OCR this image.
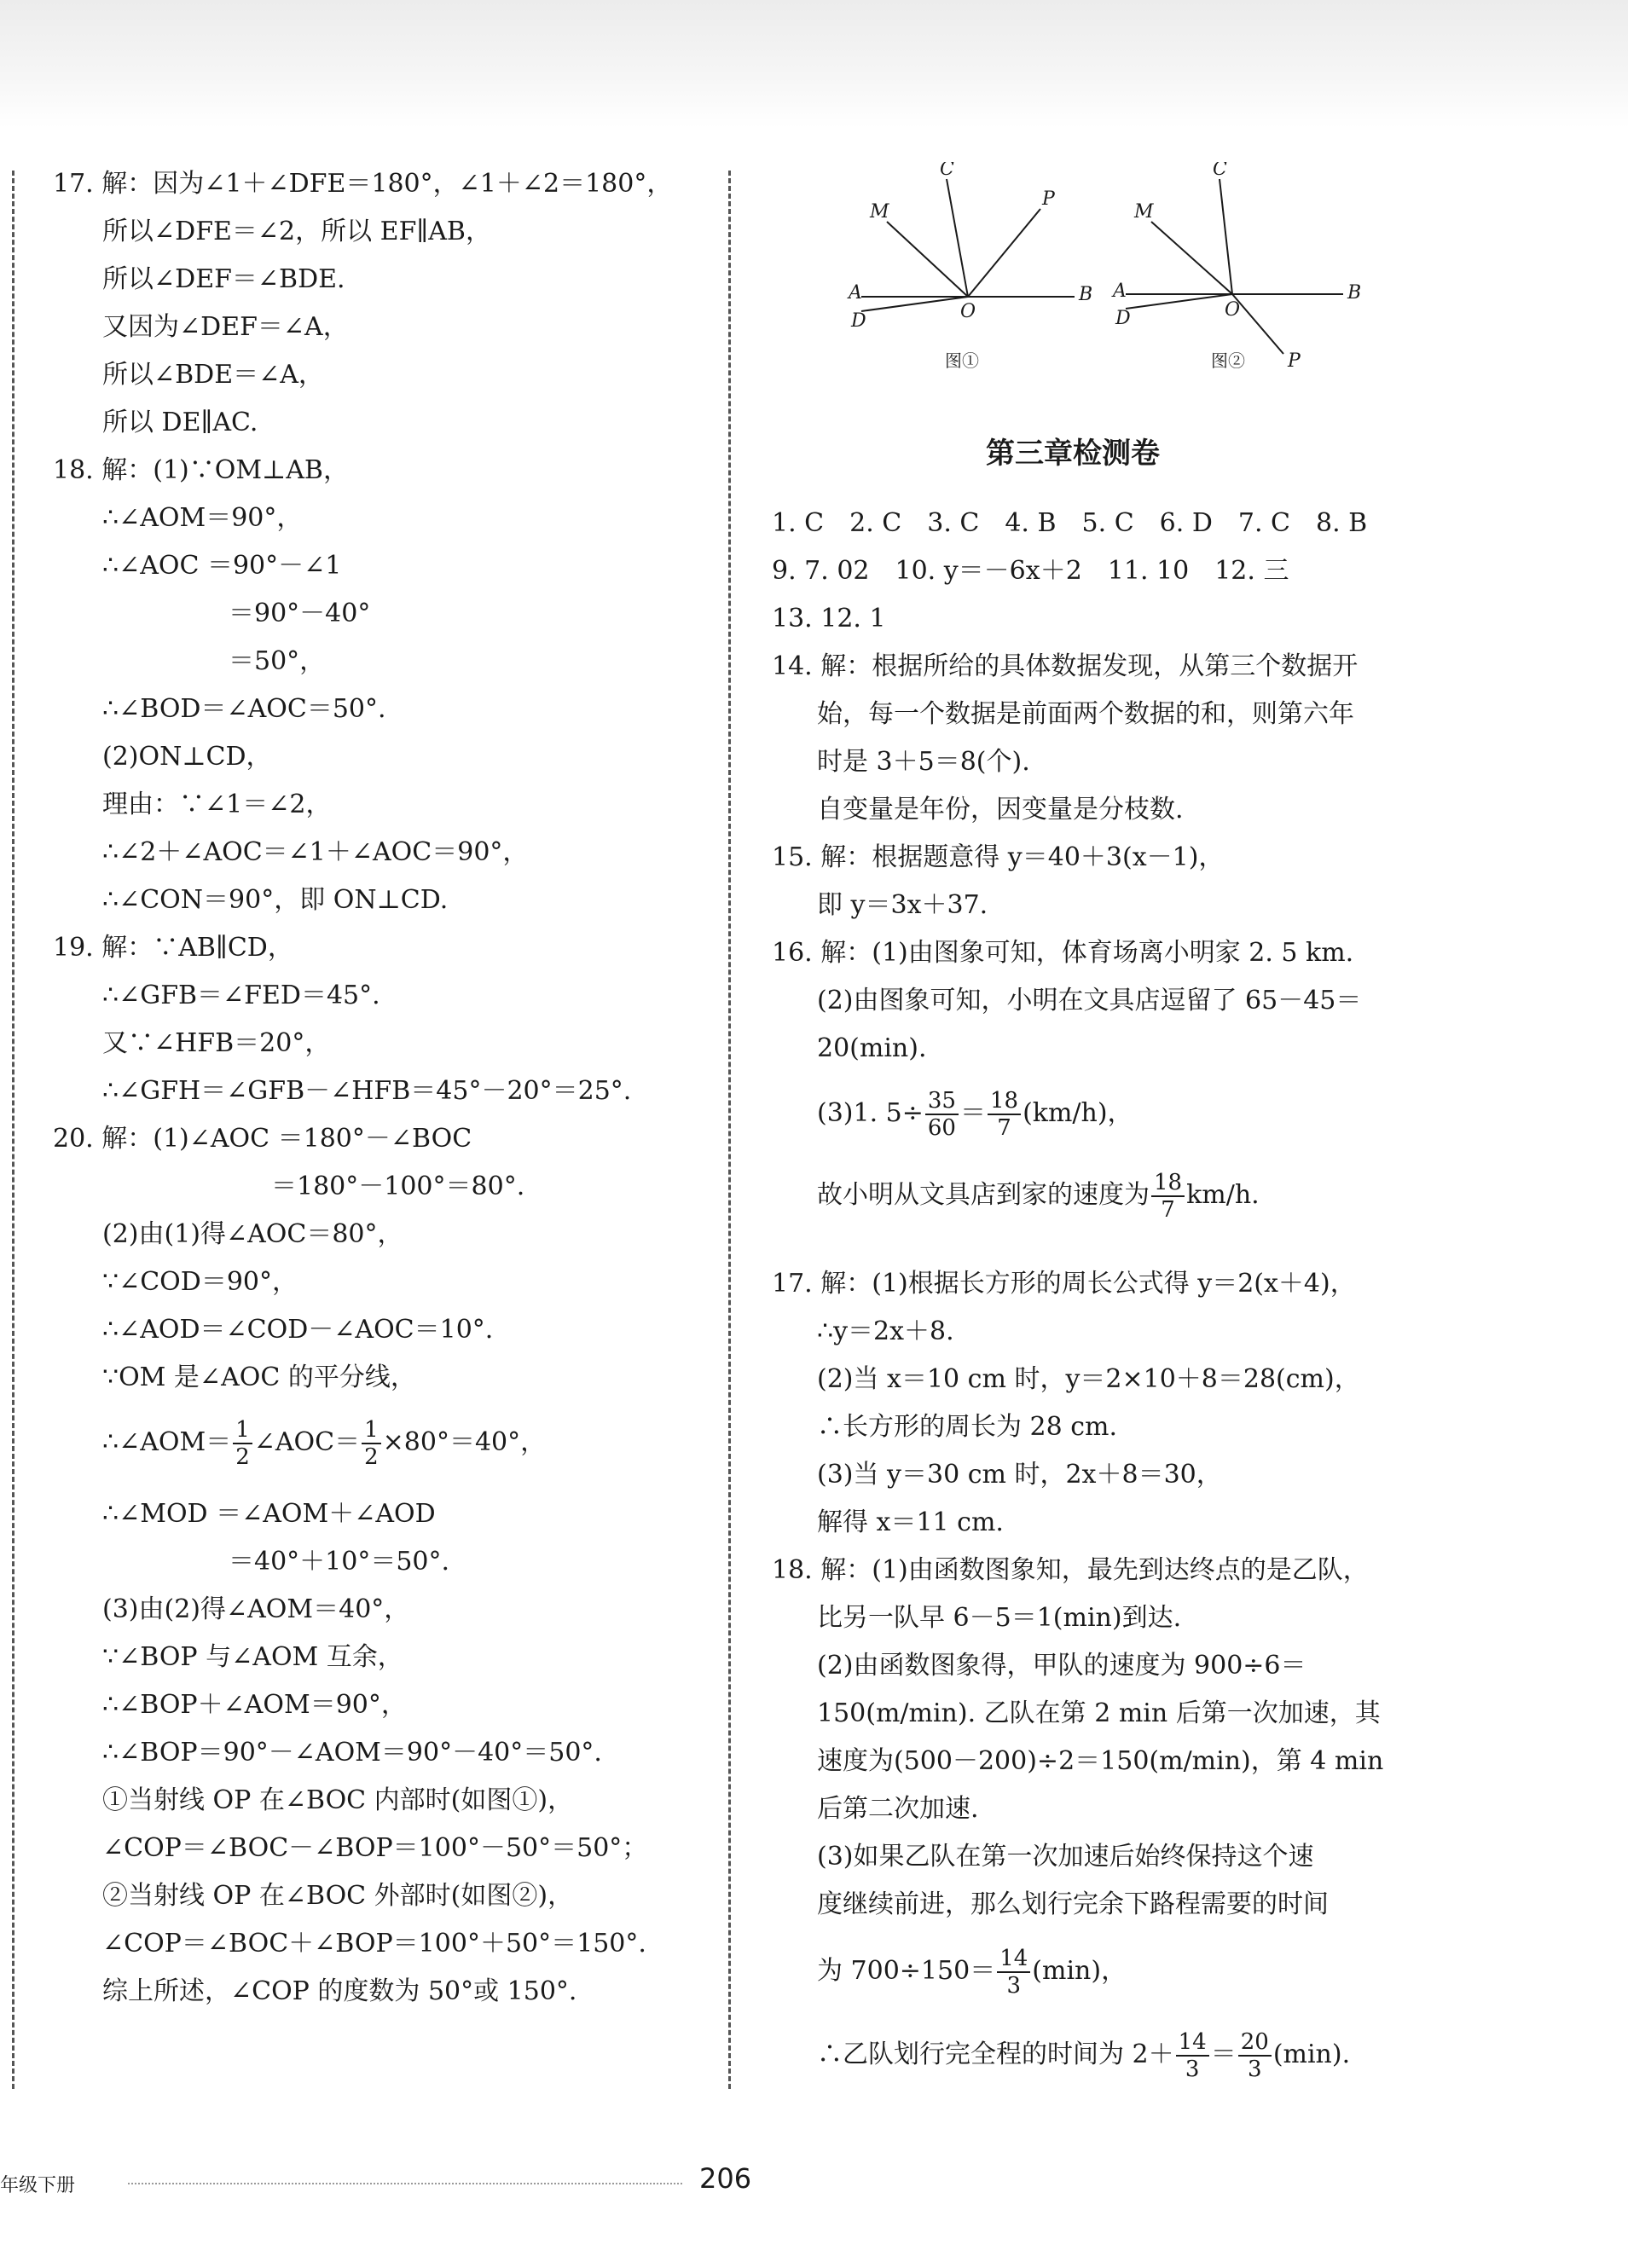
17. 解：因为∠1＋∠DFE＝180°，∠1＋∠2＝180°，
所以∠DFE＝∠2，所以 EF∥AB，
所以∠DEF＝∠BDE.
又因为∠DEF＝∠A，
所以∠BDE＝∠A，
所以 DE∥AC.
18. 解：(1)∵OM⊥AB，
∴∠AOM＝90°，
∴∠AOC ＝90°－∠1
＝90°－40°
＝50°，
∴∠BOD＝∠AOC＝50°.
(2)ON⊥CD，
理由：∵∠1＝∠2，
∴∠2＋∠AOC＝∠1＋∠AOC＝90°，
∴∠CON＝90°，即 ON⊥CD.
19. 解：∵AB∥CD，
∴∠GFB＝∠FED＝45°.
又∵∠HFB＝20°，
∴∠GFH＝∠GFB－∠HFB＝45°－20°＝25°.
20. 解：(1)∠AOC ＝180°－∠BOC
＝180°－100°＝80°.
(2)由(1)得∠AOC＝80°，
∵∠COD＝90°，
∴∠AOD＝∠COD－∠AOC＝10°.
∵OM 是∠AOC 的平分线，
∴∠AOM＝ $\frac{1}{2}$ ∠AOC＝ $\frac{1}{2} \times 80^\circ=40^\circ$，
∴∠MOD ＝∠AOM＋∠AOD
＝40°＋10°＝50°.
(3)由(2)得∠AOM＝40°，
∵∠BOP 与∠AOM 互余，
∴∠BOP＋∠AOM＝90°，
∴∠BOP＝90°－∠AOM＝90°－40°＝50°.
①当射线 OP 在∠BOC 内部时(如图①)，
∠COP＝∠BOC－∠BOP＝100°－50°＝50°；
②当射线 OP 在∠BOC 外部时(如图②)，
∠COP＝∠BOC＋∠BOP＝100°＋50°＝150°.
综上所述，∠COP 的度数为 50°或 150°.
C
M
P
A	B
O
D
图①
C
M
P
A	B
O
D
图②
第三章检测卷
1. C　2. C　3. C　4. B　5. C　6. D　7. C　8. B
9. 7. 02　10. y＝－6x＋2　11. 10　12. 三
13. 12. 1
14. 解：根据所给的具体数据发现，从第三个数据开
始，每一个数据是前面两个数据的和，则第六年
时是 3＋5＝8(个).
自变量是年份，因变量是分枝数.
15. 解：根据题意得 y＝40＋3(x－1)，
即 y＝3x＋37.
16. 解：(1)由图象可知，体育场离小明家 2. 5 km.
(2)由图象可知，小明在文具店逗留了 65－45＝
20(min).
(3)1. $5\div \frac{35}{60} = \frac{18}{7} (km/h)$，
故小明从文具店到家的速度为 $\frac{18}{7} km/h$.
17. 解：(1)根据长方形的周长公式得 y＝2(x＋4)，
∴y＝2x＋8.
(2)当 x＝10 cm 时，y＝2×10＋8＝28(cm)，
∴长方形的周长为 28 cm.
(3)当 y＝30 cm 时，2x＋8＝30，
解得 x＝11 cm.
18. 解：(1)由函数图象知，最先到达终点的是乙队，
比另一队早 6－5＝1(min)到达.
(2)由函数图象得，甲队的速度为 900÷6＝
150(m/min). 乙队在第 2 min 后第一次加速，其
速度为(500－200)÷2＝150(m/min)，第 4 min
后第二次加速.
(3)如果乙队在第一次加速后始终保持这个速
度继续前进，那么划行完余下路程需要的时间
为 $700\div 150= \frac{14}{3} (\min)$，
∴乙队划行完全程的时间为 $2+ \frac{14}{3} = \frac{20}{3} (\min)$.
年级下册	206
